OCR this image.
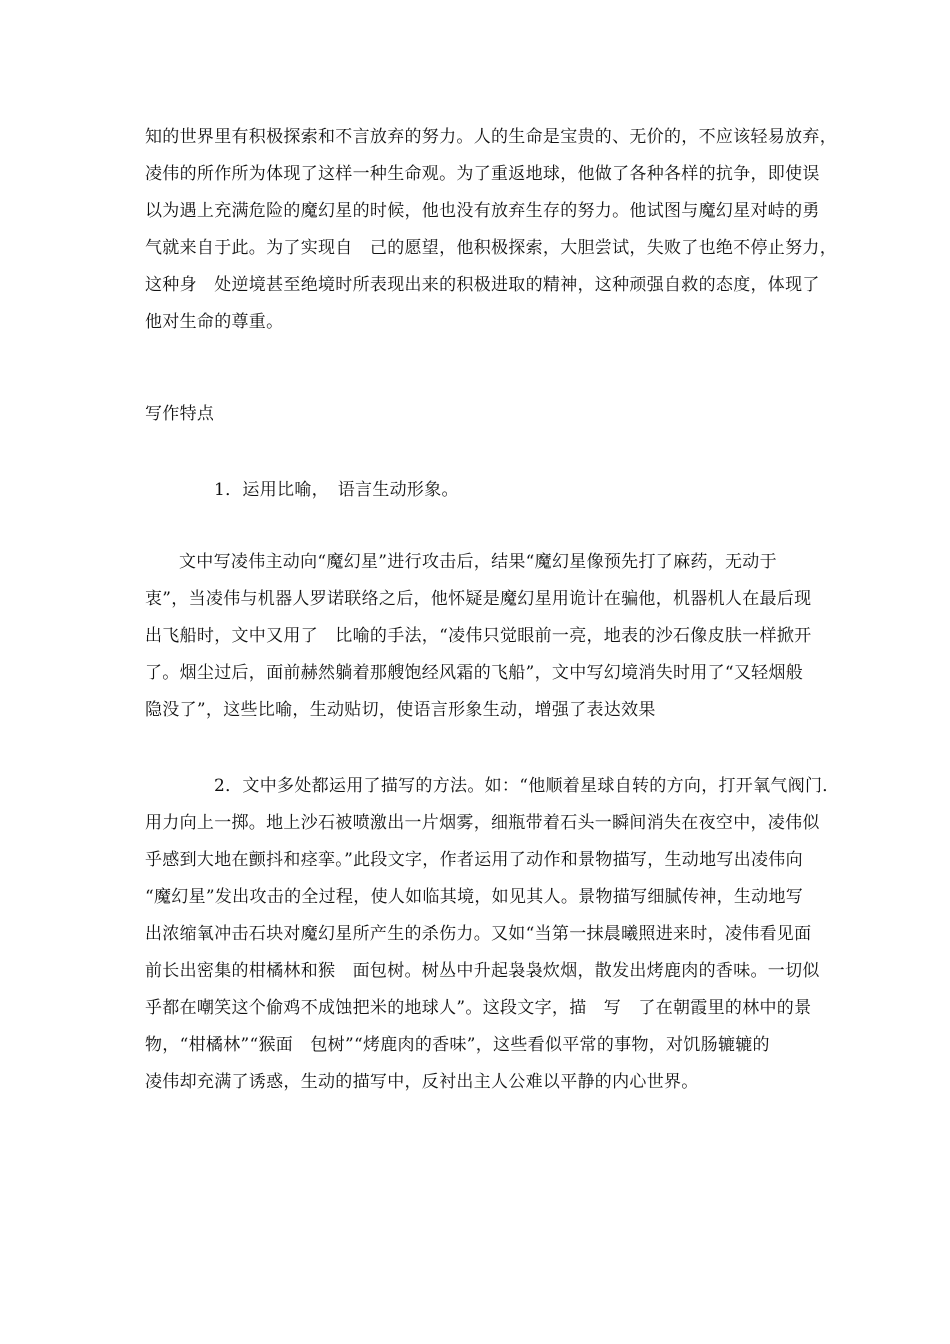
知的世界里有积极探索和不言放弃的努力。人的生命是宝贵的、无价的，不应该轻易放弃，
凌伟的所作所为体现了这样一种生命观。为了重返地球，他做了各种各样的抗争，即使误
以为遇上充满危险的魔幻星的时候，他也没有放弃生存的努力。他试图与魔幻星对峙的勇
气就来自于此。为了实现自　己的愿望，他积极探索，大胆尝试，失败了也绝不停止努力，
这种身　处逆境甚至绝境时所表现出来的积极进取的精神，这种顽强自救的态度，体现了
他对生命的尊重。
写作特点
1．运用比喻，　语言生动形象。
文中写凌伟主动向“魔幻星”进行攻击后，结果“魔幻星像预先打了麻药，无动于
衷”，当凌伟与机器人罗诺联络之后，他怀疑是魔幻星用诡计在骗他，机器机人在最后现
出飞船时，文中又用了　比喻的手法，“凌伟只觉眼前一亮，地表的沙石像皮肤一样掀开
了。烟尘过后，面前赫然躺着那艘饱经风霜的飞船”，文中写幻境消失时用了“又轻烟般
隐没了”，这些比喻，生动贴切，使语言形象生动，增强了表达效果
2．文中多处都运用了描写的方法。如：“他顺着星球自转的方向，打开氧气阀门．
用力向上一掷。地上沙石被喷激出一片烟雾，细瓶带着石头一瞬间消失在夜空中，凌伟似
乎感到大地在颤抖和痉挛。”此段文字，作者运用了动作和景物描写，生动地写出凌伟向
“魔幻星”发出攻击的全过程，使人如临其境，如见其人。景物描写细腻传神，生动地写
出浓缩氧冲击石块对魔幻星所产生的杀伤力。又如“当第一抹晨曦照进来时，凌伟看见面
前长出密集的柑橘林和猴　面包树。树丛中升起袅袅炊烟，散发出烤鹿肉的香味。一切似
乎都在嘲笑这个偷鸡不成蚀把米的地球人”。这段文字，描　写　了在朝霞里的林中的景
物，“柑橘林”“猴面　包树”“烤鹿肉的香味”，这些看似平常的事物，对饥肠辘辘的
凌伟却充满了诱惑，生动的描写中，反衬出主人公难以平静的内心世界。
